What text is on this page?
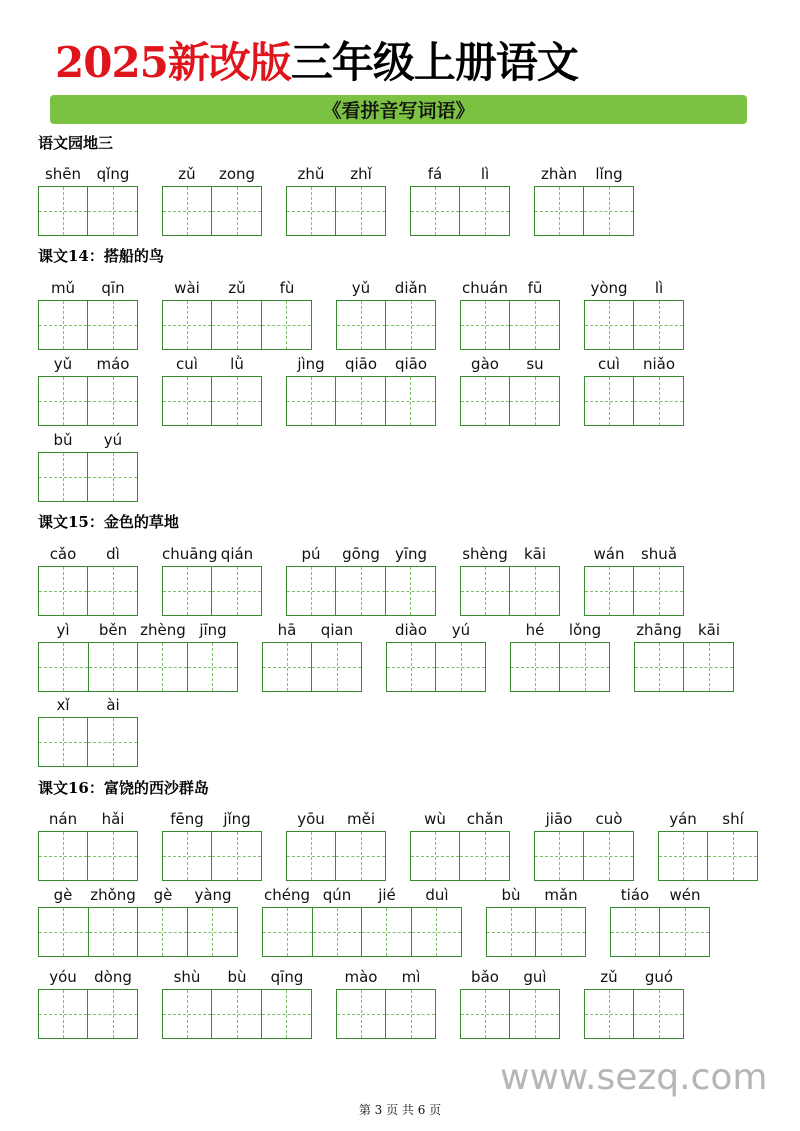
2025新改版三年级上册语文
《看拼音写词语》
语文园地三
shēn	qǐng	zǔ	zong	zhǔ	zhǐ	fá	lì	zhàn	lǐng
课文14：搭船的鸟
mǔ	qīn	wài	zǔ	fù	yǔ	diǎn	chuán	fū	yòng	lì
yǔ	máo	cuì	lǜ	jìng	qiāo	qiāo	gào	su	cuì	niǎo
bǔ	yú
课文15：金色的草地
cǎo	dì	chuāng qián	pú	gōng	yīng	shèng	kāi	wán	shuǎ
yì	běn zhèng jīng	hā	qian	diào	yú	hé	lǒng	zhāng	kāi
xǐ	ài
课文16：富饶的西沙群岛
nán	hǎi	fēng	jǐng	yōu	měi	wù	chǎn	jiāo	cuò	yán	shí
gè	zhǒng	gè	yàng	chéng qún	jié	duì	bù	mǎn	tiáo	wén
yóu	dòng	shù	bù	qīng	mào	mì	bǎo	guì	zǔ	guó
www.sezq.com
第 3 页 共 6 页
